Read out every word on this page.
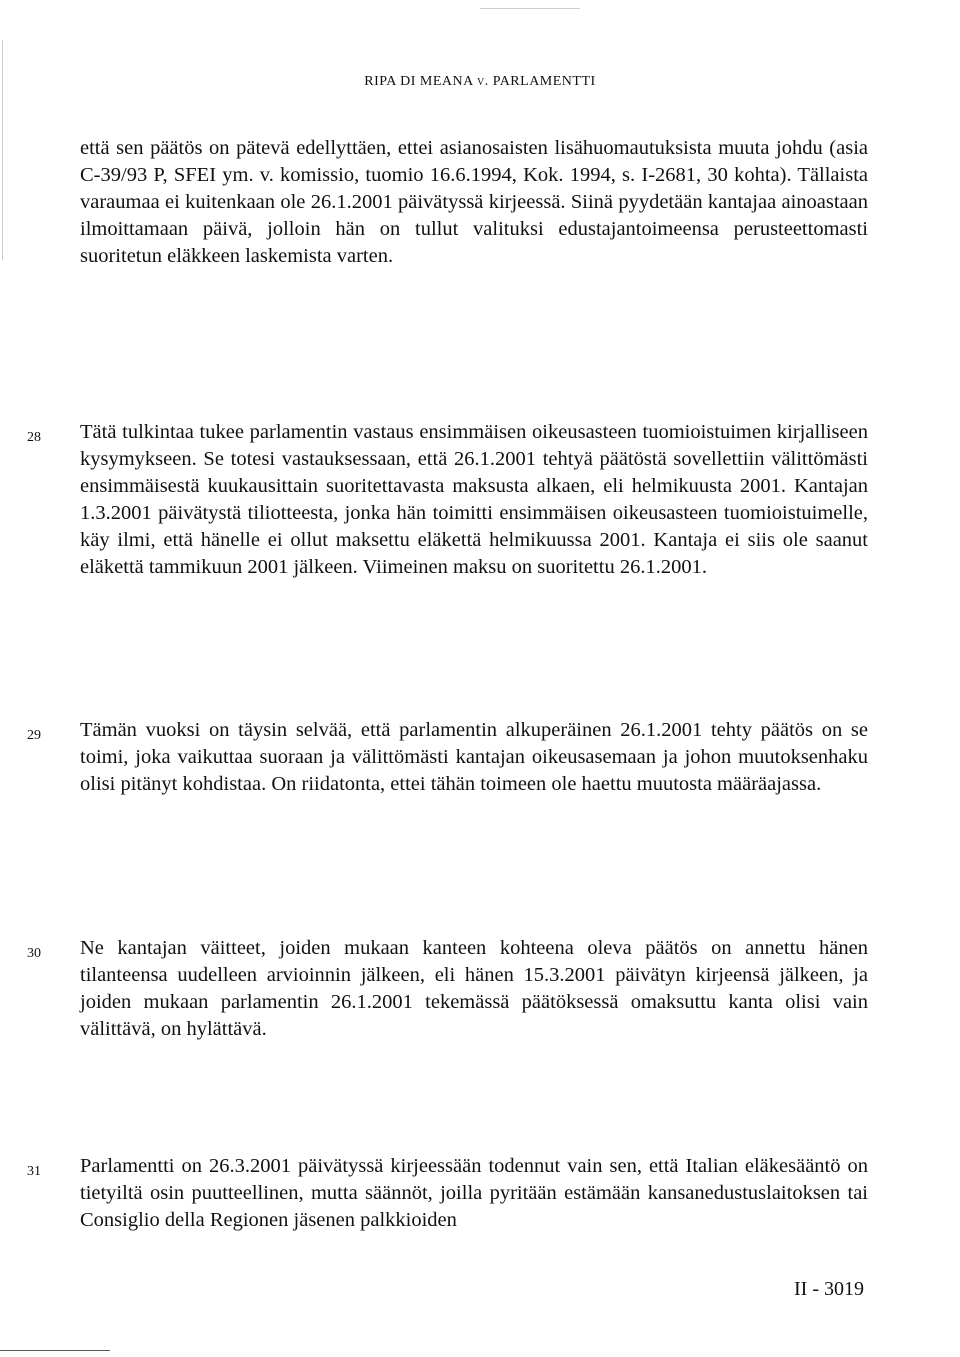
RIPA DI MEANA v. PARLAMENTTI
että sen päätös on pätevä edellyttäen, ettei asianosaisten lisähuomautuksista muuta johdu (asia C-39/93 P, SFEI ym. v. komissio, tuomio 16.6.1994, Kok. 1994, s. I-2681, 30 kohta). Tällaista varaumaa ei kuitenkaan ole 26.1.2001 päivätyssä kirjeessä. Siinä pyydetään kantajaa ainoastaan ilmoittamaan päivä, jolloin hän on tullut valituksi edustajantoimeensa perusteettomasti suoritetun eläkkeen laskemista varten.
28 Tätä tulkintaa tukee parlamentin vastaus ensimmäisen oikeusasteen tuomioistuimen kirjalliseen kysymykseen. Se totesi vastauksessaan, että 26.1.2001 tehtyä päätöstä sovellettiin välittömästi ensimmäisestä kuukausittain suoritettavasta maksusta alkaen, eli helmikuusta 2001. Kantajan 1.3.2001 päivätystä tiliotteesta, jonka hän toimitti ensimmäisen oikeusasteen tuomioistuimelle, käy ilmi, että hänelle ei ollut maksettu eläkettä helmikuussa 2001. Kantaja ei siis ole saanut eläkettä tammikuun 2001 jälkeen. Viimeinen maksu on suoritettu 26.1.2001.
29 Tämän vuoksi on täysin selvää, että parlamentin alkuperäinen 26.1.2001 tehty päätös on se toimi, joka vaikuttaa suoraan ja välittömästi kantajan oikeusasemaan ja johon muutoksenhaku olisi pitänyt kohdistaa. On riidatonta, ettei tähän toimeen ole haettu muutosta määräajassa.
30 Ne kantajan väitteet, joiden mukaan kanteen kohteena oleva päätös on annettu hänen tilanteensa uudelleen arvioinnin jälkeen, eli hänen 15.3.2001 päivätyn kirjeensä jälkeen, ja joiden mukaan parlamentin 26.1.2001 tekemässä päätöksessä omaksuttu kanta olisi vain välittävä, on hylättävä.
31 Parlamentti on 26.3.2001 päivätyssä kirjeessään todennut vain sen, että Italian eläkesääntö on tietyiltä osin puutteellinen, mutta säännöt, joilla pyritään estämään kansanedustuslaitoksen tai Consiglio della Regionen jäsenen palkkioiden
II - 3019
